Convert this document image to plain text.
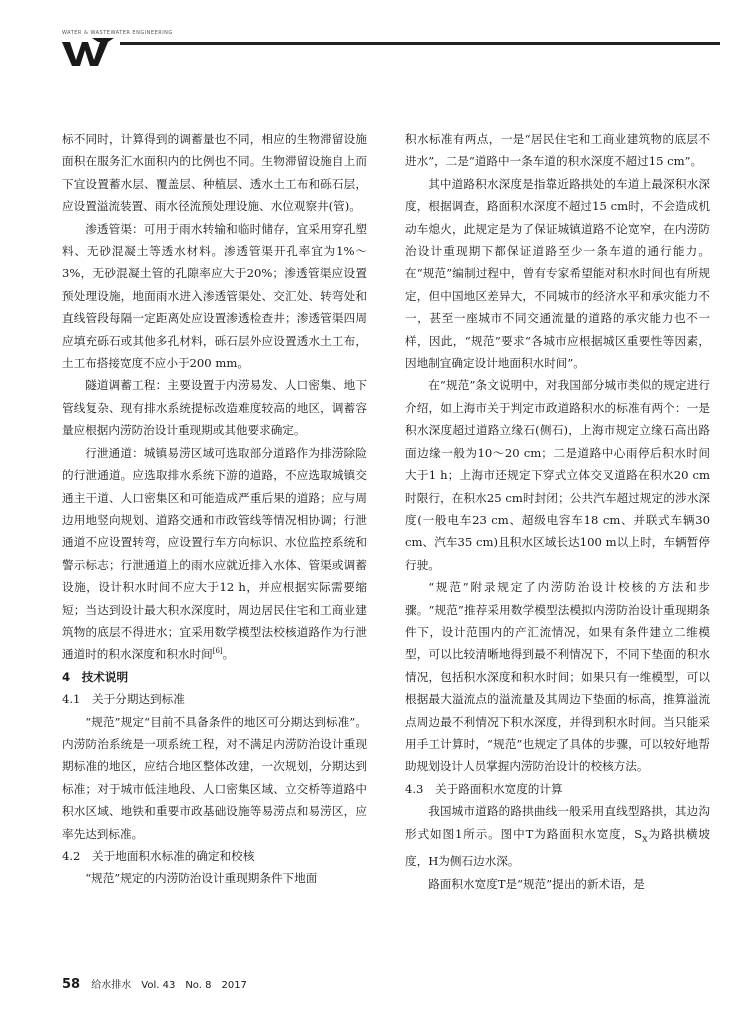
WATER & WASTEWATER ENGINEERING

标不同时，计算得到的调蓄量也不同，相应的生物滞留设施面积在服务汇水面积内的比例也不同。生物滞留设施自上而下宜设置蓄水层、覆盖层、种植层、透水土工布和砾石层，应设置溢流装置、雨水径流预处理设施、水位观察井(管)。

渗透管渠：可用于雨水转输和临时储存，宜采用穿孔塑料、无砂混凝土等透水材料。渗透管渠开孔率宜为1%～3%，无砂混凝土管的孔隙率应大于20%；渗透管渠应设置预处理设施，地面雨水进入渗透管渠处、交汇处、转弯处和直线管段每隔一定距离处应设置渗透检查井；渗透管渠四周应填充砾石或其他多孔材料，砾石层外应设置透水土工布，土工布搭接宽度不应小于200 mm。

隧道调蓄工程：主要设置于内涝易发、人口密集、地下管线复杂、现有排水系统提标改造难度较高的地区，调蓄容量应根据内涝防治设计重现期或其他要求确定。

行泄通道：城镇易涝区域可选取部分道路作为排涝除险的行泄通道。应选取排水系统下游的道路，不应选取城镇交通主干道、人口密集区和可能造成严重后果的道路；应与周边用地竖向规划、道路交通和市政管线等情况相协调；行泄通道不应设置转弯，应设置行车方向标识、水位监控系统和警示标志；行泄通道上的雨水应就近排入水体、管渠或调蓄设施，设计积水时间不应大于12 h，并应根据实际需要缩短；当达到设计最大积水深度时，周边居民住宅和工商业建筑物的底层不得进水；宜采用数学模型法校核道路作为行泄通道时的积水深度和积水时间[6]。

4　技术说明
4.1　关于分期达到标准

“规范”规定“目前不具备条件的地区可分期达到标准”。内涝防治系统是一项系统工程，对不满足内涝防治设计重现期标准的地区，应结合地区整体改建，一次规划，分期达到标准；对于城市低洼地段、人口密集区域、立交桥等道路中积水区域、地铁和重要市政基础设施等易涝点和易涝区，应率先达到标准。

4.2　关于地面积水标准的确定和校核

“规范”规定的内涝防治设计重现期条件下地面

积水标准有两点，一是“居民住宅和工商业建筑物的底层不进水”，二是“道路中一条车道的积水深度不超过15 cm”。

其中道路积水深度是指靠近路拱处的车道上最深积水深度，根据调查，路面积水深度不超过15 cm时，不会造成机动车熄火，此规定是为了保证城镇道路不论宽窄，在内涝防治设计重现期下都保证道路至少一条车道的通行能力。在“规范”编制过程中，曾有专家希望能对积水时间也有所规定，但中国地区差异大，不同城市的经济水平和承灾能力不一，甚至一座城市不同交通流量的道路的承灾能力也不一样，因此，“规范”要求“各城市应根据城区重要性等因素，因地制宜确定设计地面积水时间”。

在“规范”条文说明中，对我国部分城市类似的规定进行介绍，如上海市关于判定市政道路积水的标准有两个：一是积水深度超过道路立缘石(侧石)，上海市规定立缘石高出路面边缘一般为10～20 cm；二是道路中心雨停后积水时间大于1 h；上海市还规定下穿式立体交叉道路在积水20 cm时限行，在积水25 cm时封闭；公共汽车超过规定的涉水深度(一般电车23 cm、超级电容车18 cm、并联式车辆30 cm、汽车35 cm)且积水区域长达100 m以上时，车辆暂停行驶。

“规范”附录规定了内涝防治设计校核的方法和步骤。“规范”推荐采用数学模型法模拟内涝防治设计重现期条件下，设计范围内的产汇流情况，如果有条件建立二维模型，可以比较清晰地得到最不利情况下，不同下垫面的积水情况，包括积水深度和积水时间；如果只有一维模型，可以根据最大溢流点的溢流量及其周边下垫面的标高，推算溢流点周边最不利情况下积水深度，并得到积水时间。当只能采用手工计算时，“规范”也规定了具体的步骤，可以较好地帮助规划设计人员掌握内涝防治设计的校核方法。

4.3　关于路面积水宽度的计算

我国城市道路的路拱曲线一般采用直线型路拱，其边沟形式如图1所示。图中T为路面积水宽度，$S_x$为路拱横坡度，H为侧石边水深。

路面积水宽度T是“规范”提出的新术语，是

58 给水排水　Vol. 43　No. 8　2017
